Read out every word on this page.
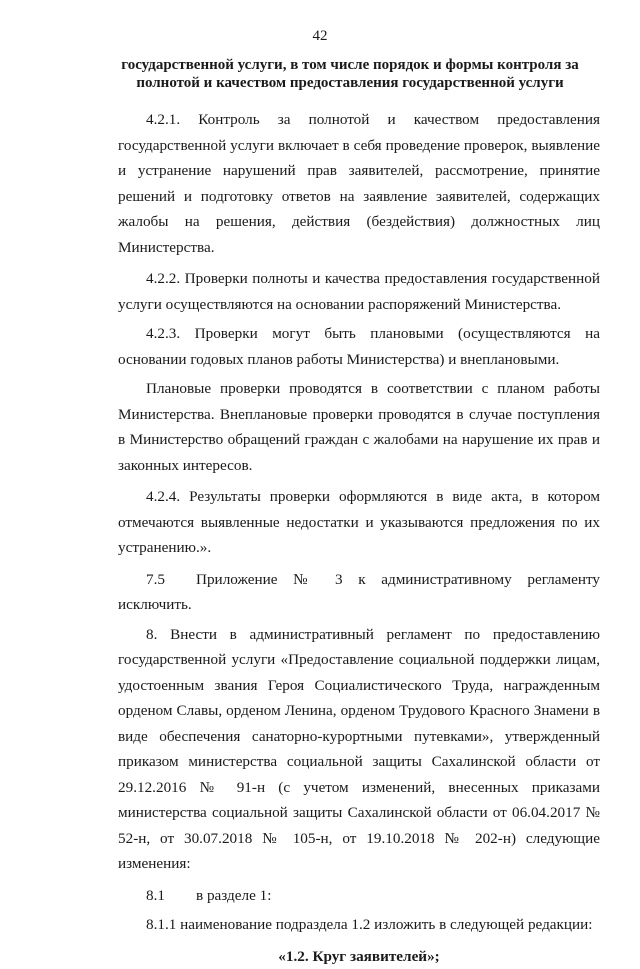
42
государственной услуги, в том числе порядок и формы контроля за полнотой и качеством предоставления государственной услуги

4.2.1. Контроль за полнотой и качеством предоставления государственной услуги включает в себя проведение проверок, выявление и устранение нарушений прав заявителей, рассмотрение, принятие решений и подготовку ответов на заявление заявителей, содержащих жалобы на решения, действия (бездействия) должностных лиц Министерства.

4.2.2. Проверки полноты и качества предоставления государственной услуги осуществляются на основании распоряжений Министерства.

4.2.3. Проверки могут быть плановыми (осуществляются на основании годовых планов работы Министерства) и внеплановыми.

Плановые проверки проводятся в соответствии с планом работы Министерства. Внеплановые проверки проводятся в случае поступления в Министерство обращений граждан с жалобами на нарушение их прав и законных интересов.

4.2.4. Результаты проверки оформляются в виде акта, в котором отмечаются выявленные недостатки и указываются предложения по их устранению.».

7.5 Приложение № 3 к административному регламенту исключить.

8. Внести в административный регламент по предоставлению государственной услуги «Предоставление социальной поддержки лицам, удостоенным звания Героя Социалистического Труда, награжденным орденом Славы, орденом Ленина, орденом Трудового Красного Знамени в виде обеспечения санаторно-курортными путевками», утвержденный приказом министерства социальной защиты Сахалинской области от 29.12.2016 № 91-н (с учетом изменений, внесенных приказами министерства социальной защиты Сахалинской области от 06.04.2017 № 52-н, от 30.07.2018 № 105-н, от 19.10.2018 № 202-н) следующие изменения:

8.1 в разделе 1:

8.1.1 наименование подраздела 1.2 изложить в следующей редакции:

«1.2. Круг заявителей»;
